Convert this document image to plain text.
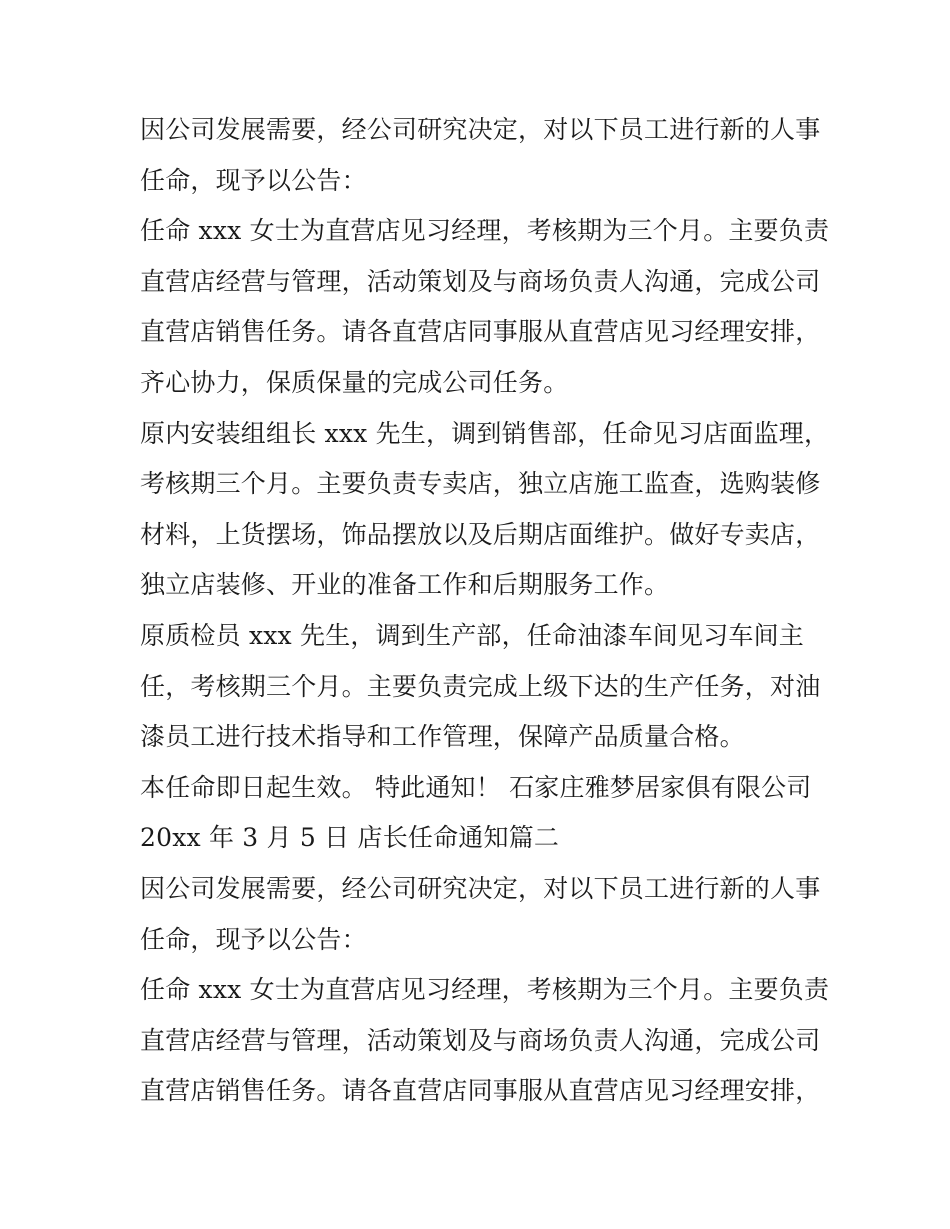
因公司发展需要，经公司研究决定，对以下员工进行新的人事
任命，现予以公告：
任命 xxx 女士为直营店见习经理，考核期为三个月。主要负责
直营店经营与管理，活动策划及与商场负责人沟通，完成公司
直营店销售任务。请各直营店同事服从直营店见习经理安排，
齐心协力，保质保量的完成公司任务。
原内安装组组长 xxx 先生，调到销售部，任命见习店面监理，
考核期三个月。主要负责专卖店，独立店施工监查，选购装修
材料，上货摆场，饰品摆放以及后期店面维护。做好专卖店，
独立店装修、开业的准备工作和后期服务工作。
原质检员 xxx 先生，调到生产部，任命油漆车间见习车间主
任，考核期三个月。主要负责完成上级下达的生产任务，对油
漆员工进行技术指导和工作管理，保障产品质量合格。
本任命即日起生效。 特此通知！ 石家庄雅梦居家俱有限公司
20xx 年 3 月 5 日 店长任命通知篇二
因公司发展需要，经公司研究决定，对以下员工进行新的人事
任命，现予以公告：
任命 xxx 女士为直营店见习经理，考核期为三个月。主要负责
直营店经营与管理，活动策划及与商场负责人沟通，完成公司
直营店销售任务。请各直营店同事服从直营店见习经理安排，
